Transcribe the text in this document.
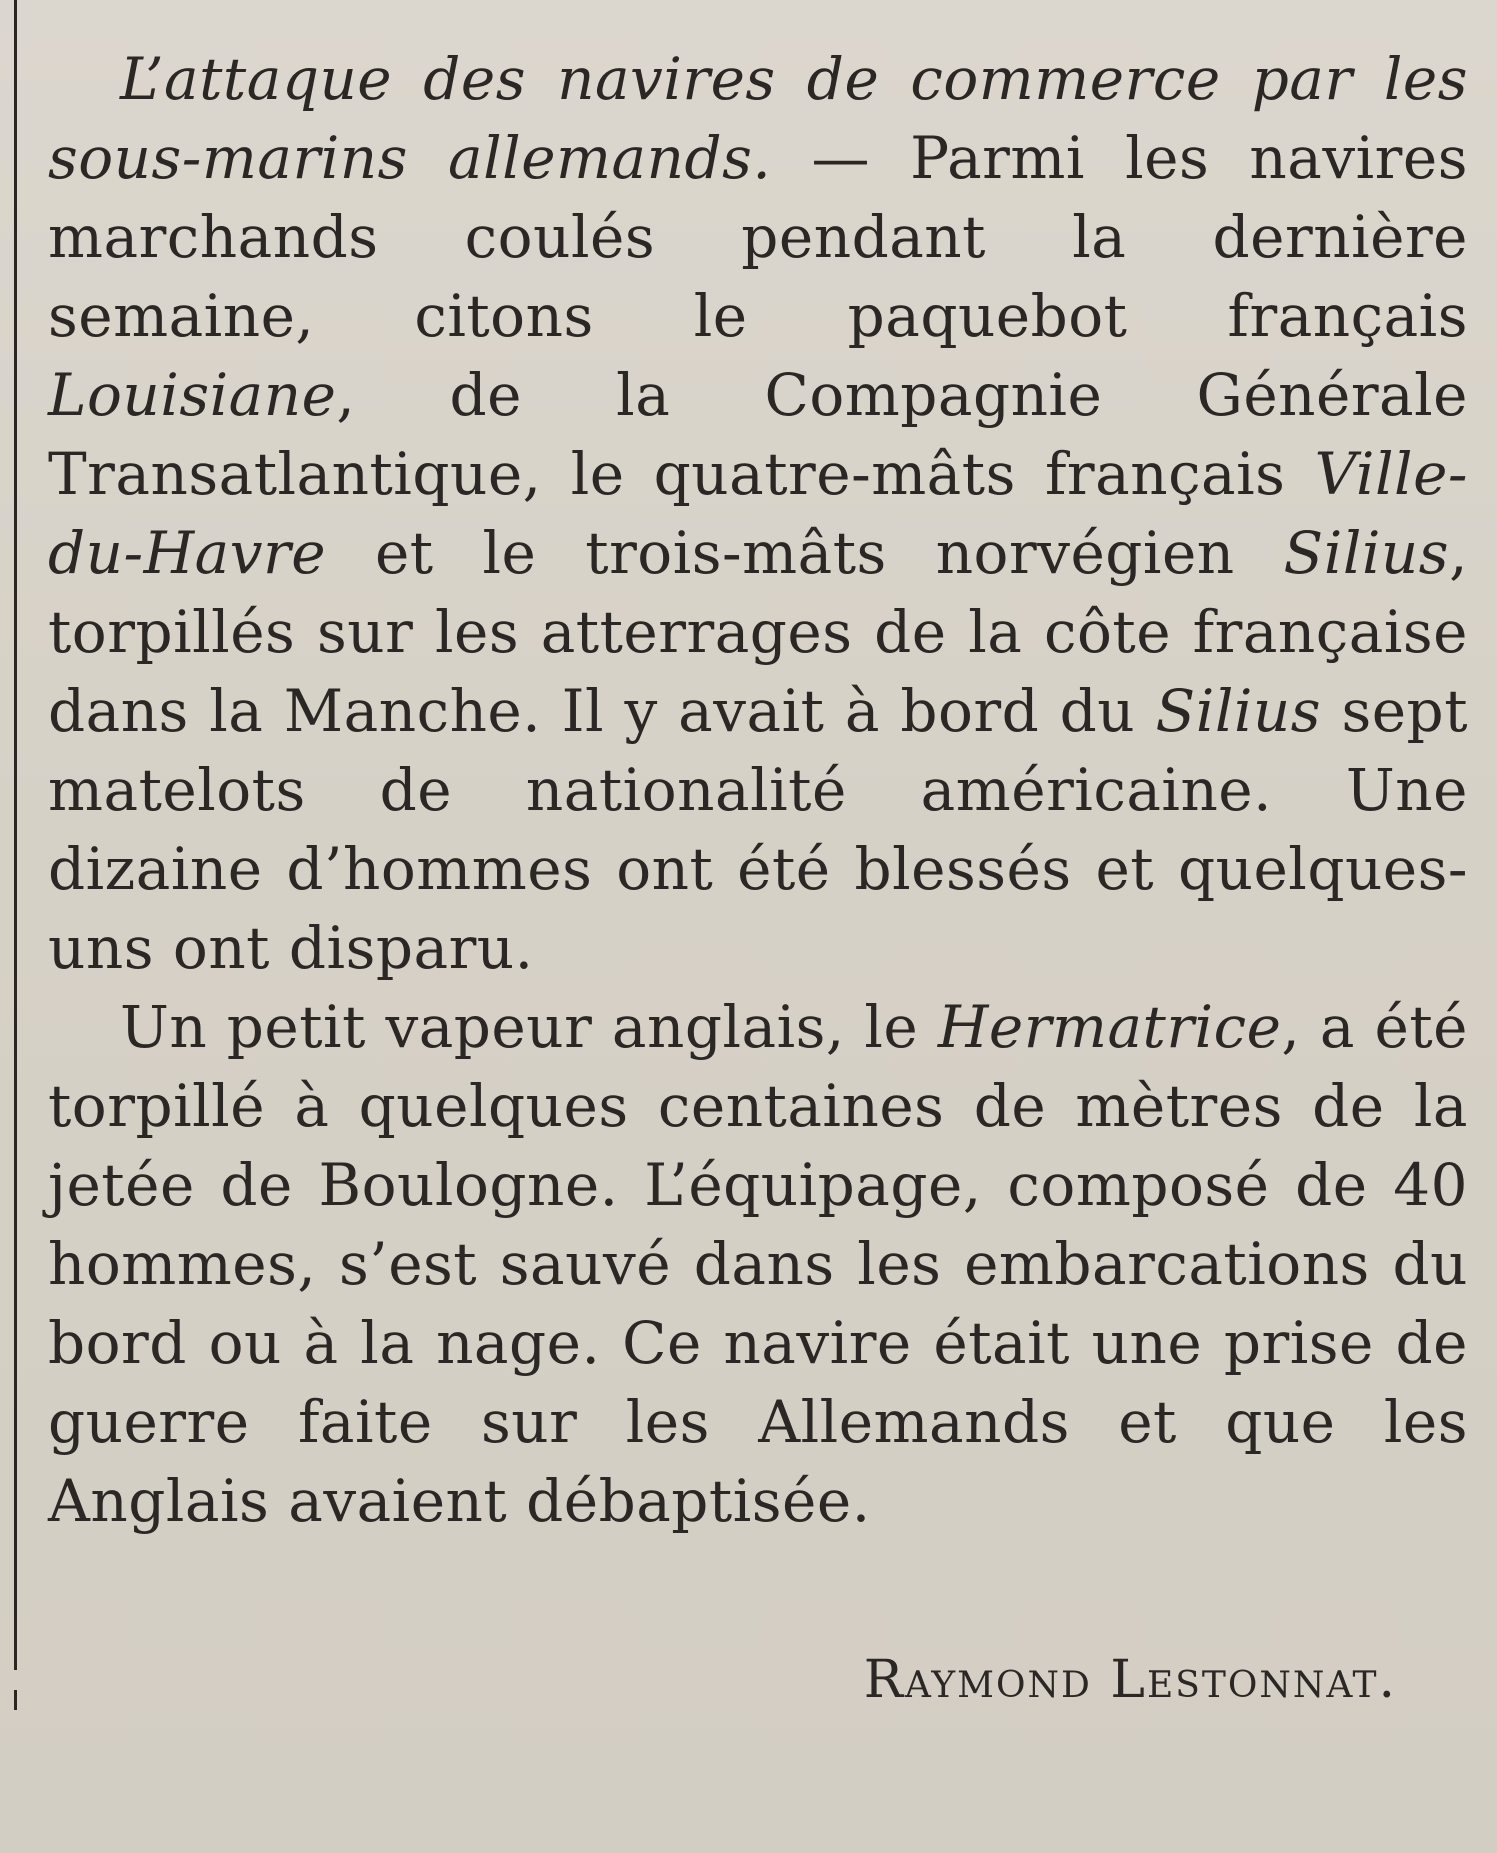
L’attaque des navires de commerce par les sous-marins allemands. — Parmi les navires marchands coulés pendant la dernière semaine, citons le paquebot français Louisiane, de la Compagnie Générale Transatlantique, le quatre-mâts français Ville-du-Havre et le trois-mâts norvégien Silius, torpillés sur les atterrages de la côte française dans la Manche. Il y avait à bord du Silius sept matelots de nationalité américaine. Une dizaine d’hommes ont été blessés et quelques-uns ont disparu.

Un petit vapeur anglais, le Hermatrice, a été torpillé à quelques centaines de mètres de la jetée de Boulogne. L’équipage, composé de 40 hommes, s’est sauvé dans les embarcations du bord ou à la nage. Ce navire était une prise de guerre faite sur les Allemands et que les Anglais avaient débaptisée.

Raymond Lestonnat.
